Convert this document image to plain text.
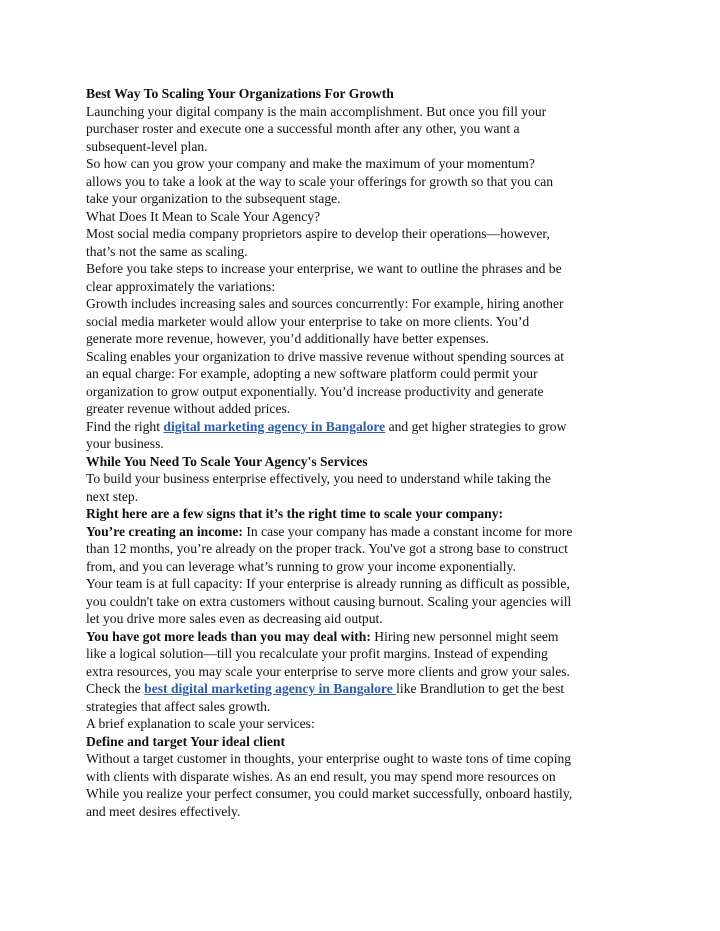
Best Way To Scaling Your Organizations For Growth
Launching your digital company is the main accomplishment. But once you fill your
purchaser roster and execute one a successful month after any other, you want a
subsequent-level plan.
So how can you grow your company and make the maximum of your momentum?
allows you to take a look at the way to scale your offerings for growth so that you can
take your organization to the subsequent stage.
What Does It Mean to Scale Your Agency?
Most social media company proprietors aspire to develop their operations—however,
that’s not the same as scaling.
Before you take steps to increase your enterprise, we want to outline the phrases and be
clear approximately the variations:
Growth includes increasing sales and sources concurrently: For example, hiring another
social media marketer would allow your enterprise to take on more clients. You’d
generate more revenue, however, you’d additionally have better expenses.
Scaling enables your organization to drive massive revenue without spending sources at
an equal charge: For example, adopting a new software platform could permit your
organization to grow output exponentially. You’d increase productivity and generate
greater revenue without added prices.
Find the right digital marketing agency in Bangalore and get higher strategies to grow
your business.
While You Need To Scale Your Agency's Services
To build your business enterprise effectively, you need to understand while taking the
next step.
Right here are a few signs that it’s the right time to scale your company:
You’re creating an income: In case your company has made a constant income for more
than 12 months, you’re already on the proper track. You've got a strong base to construct
from, and you can leverage what’s running to grow your income exponentially.
Your team is at full capacity: If your enterprise is already running as difficult as possible,
you couldn't take on extra customers without causing burnout. Scaling your agencies will
let you drive more sales even as decreasing aid output.
You have got more leads than you may deal with: Hiring new personnel might seem
like a logical solution—till you recalculate your profit margins. Instead of expending
extra resources, you may scale your enterprise to serve more clients and grow your sales.
Check the best digital marketing agency in Bangalore like Brandlution to get the best
strategies that affect sales growth.
A brief explanation to scale your services:
Define and target Your ideal client
Without a target customer in thoughts, your enterprise ought to waste tons of time coping
with clients with disparate wishes. As an end result, you may spend more resources on
While you realize your perfect consumer, you could market successfully, onboard hastily,
and meet desires effectively.
